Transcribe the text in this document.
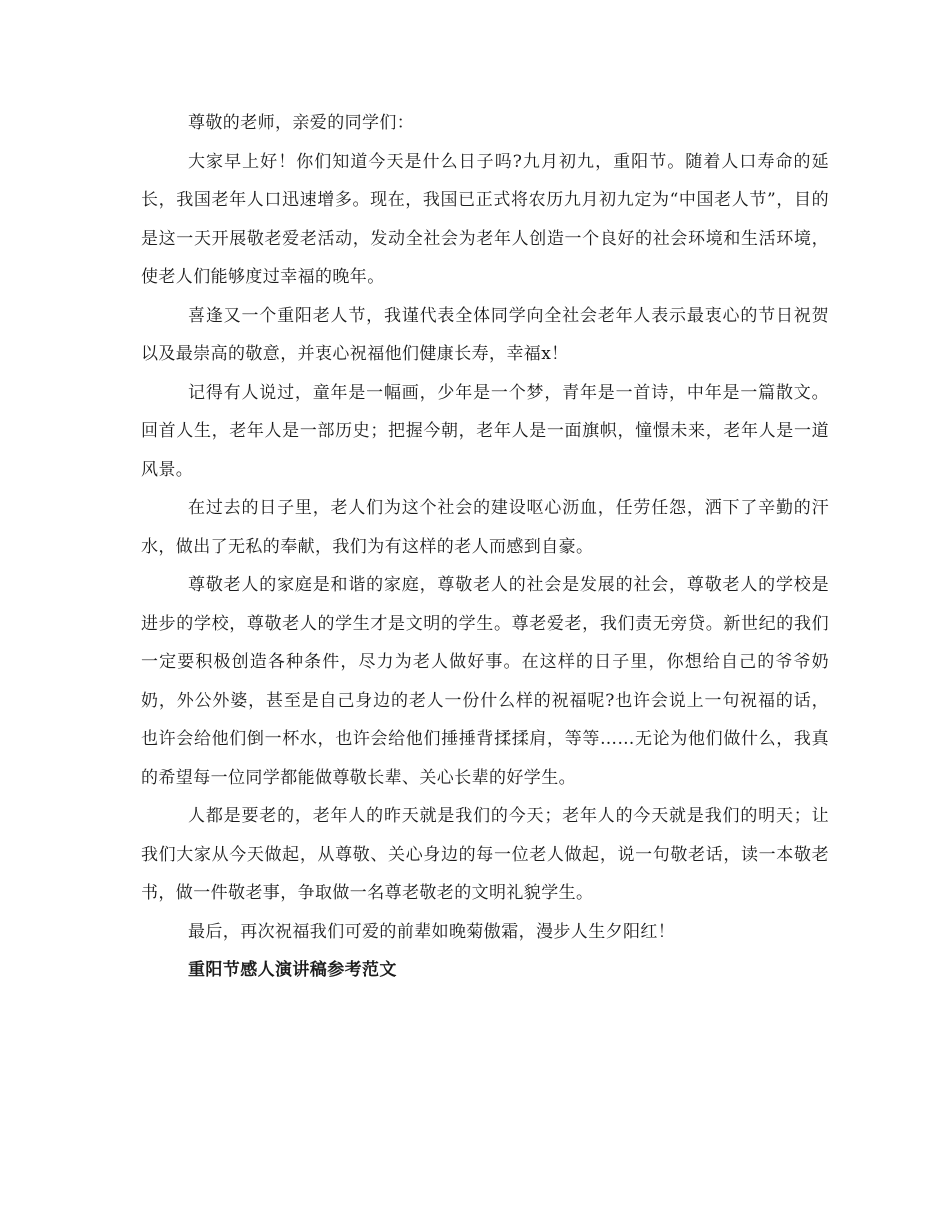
尊敬的老师，亲爱的同学们：

大家早上好！你们知道今天是什么日子吗?九月初九，重阳节。随着人口寿命的延长，我国老年人口迅速增多。现在，我国已正式将农历九月初九定为“中国老人节”，目的是这一天开展敬老爱老活动，发动全社会为老年人创造一个良好的社会环境和生活环境，使老人们能够度过幸福的晚年。

喜逢又一个重阳老人节，我谨代表全体同学向全社会老年人表示最衷心的节日祝贺以及最崇高的敬意，并衷心祝福他们健康长寿，幸福x！

记得有人说过，童年是一幅画，少年是一个梦，青年是一首诗，中年是一篇散文。回首人生，老年人是一部历史；把握今朝，老年人是一面旗帜，憧憬未来，老年人是一道风景。

在过去的日子里，老人们为这个社会的建设呕心沥血，任劳任怨，洒下了辛勤的汗水，做出了无私的奉献，我们为有这样的老人而感到自豪。

尊敬老人的家庭是和谐的家庭，尊敬老人的社会是发展的社会，尊敬老人的学校是进步的学校，尊敬老人的学生才是文明的学生。尊老爱老，我们责无旁贷。新世纪的我们一定要积极创造各种条件，尽力为老人做好事。在这样的日子里，你想给自己的爷爷奶奶，外公外婆，甚至是自己身边的老人一份什么样的祝福呢?也许会说上一句祝福的话，也许会给他们倒一杯水，也许会给他们捶捶背揉揉肩，等等……无论为他们做什么，我真的希望每一位同学都能做尊敬长辈、关心长辈的好学生。

人都是要老的，老年人的昨天就是我们的今天；老年人的今天就是我们的明天；让我们大家从今天做起，从尊敬、关心身边的每一位老人做起，说一句敬老话，读一本敬老书，做一件敬老事，争取做一名尊老敬老的文明礼貌学生。

最后，再次祝福我们可爱的前辈如晚菊傲霜，漫步人生夕阳红！

重阳节感人演讲稿参考范文
